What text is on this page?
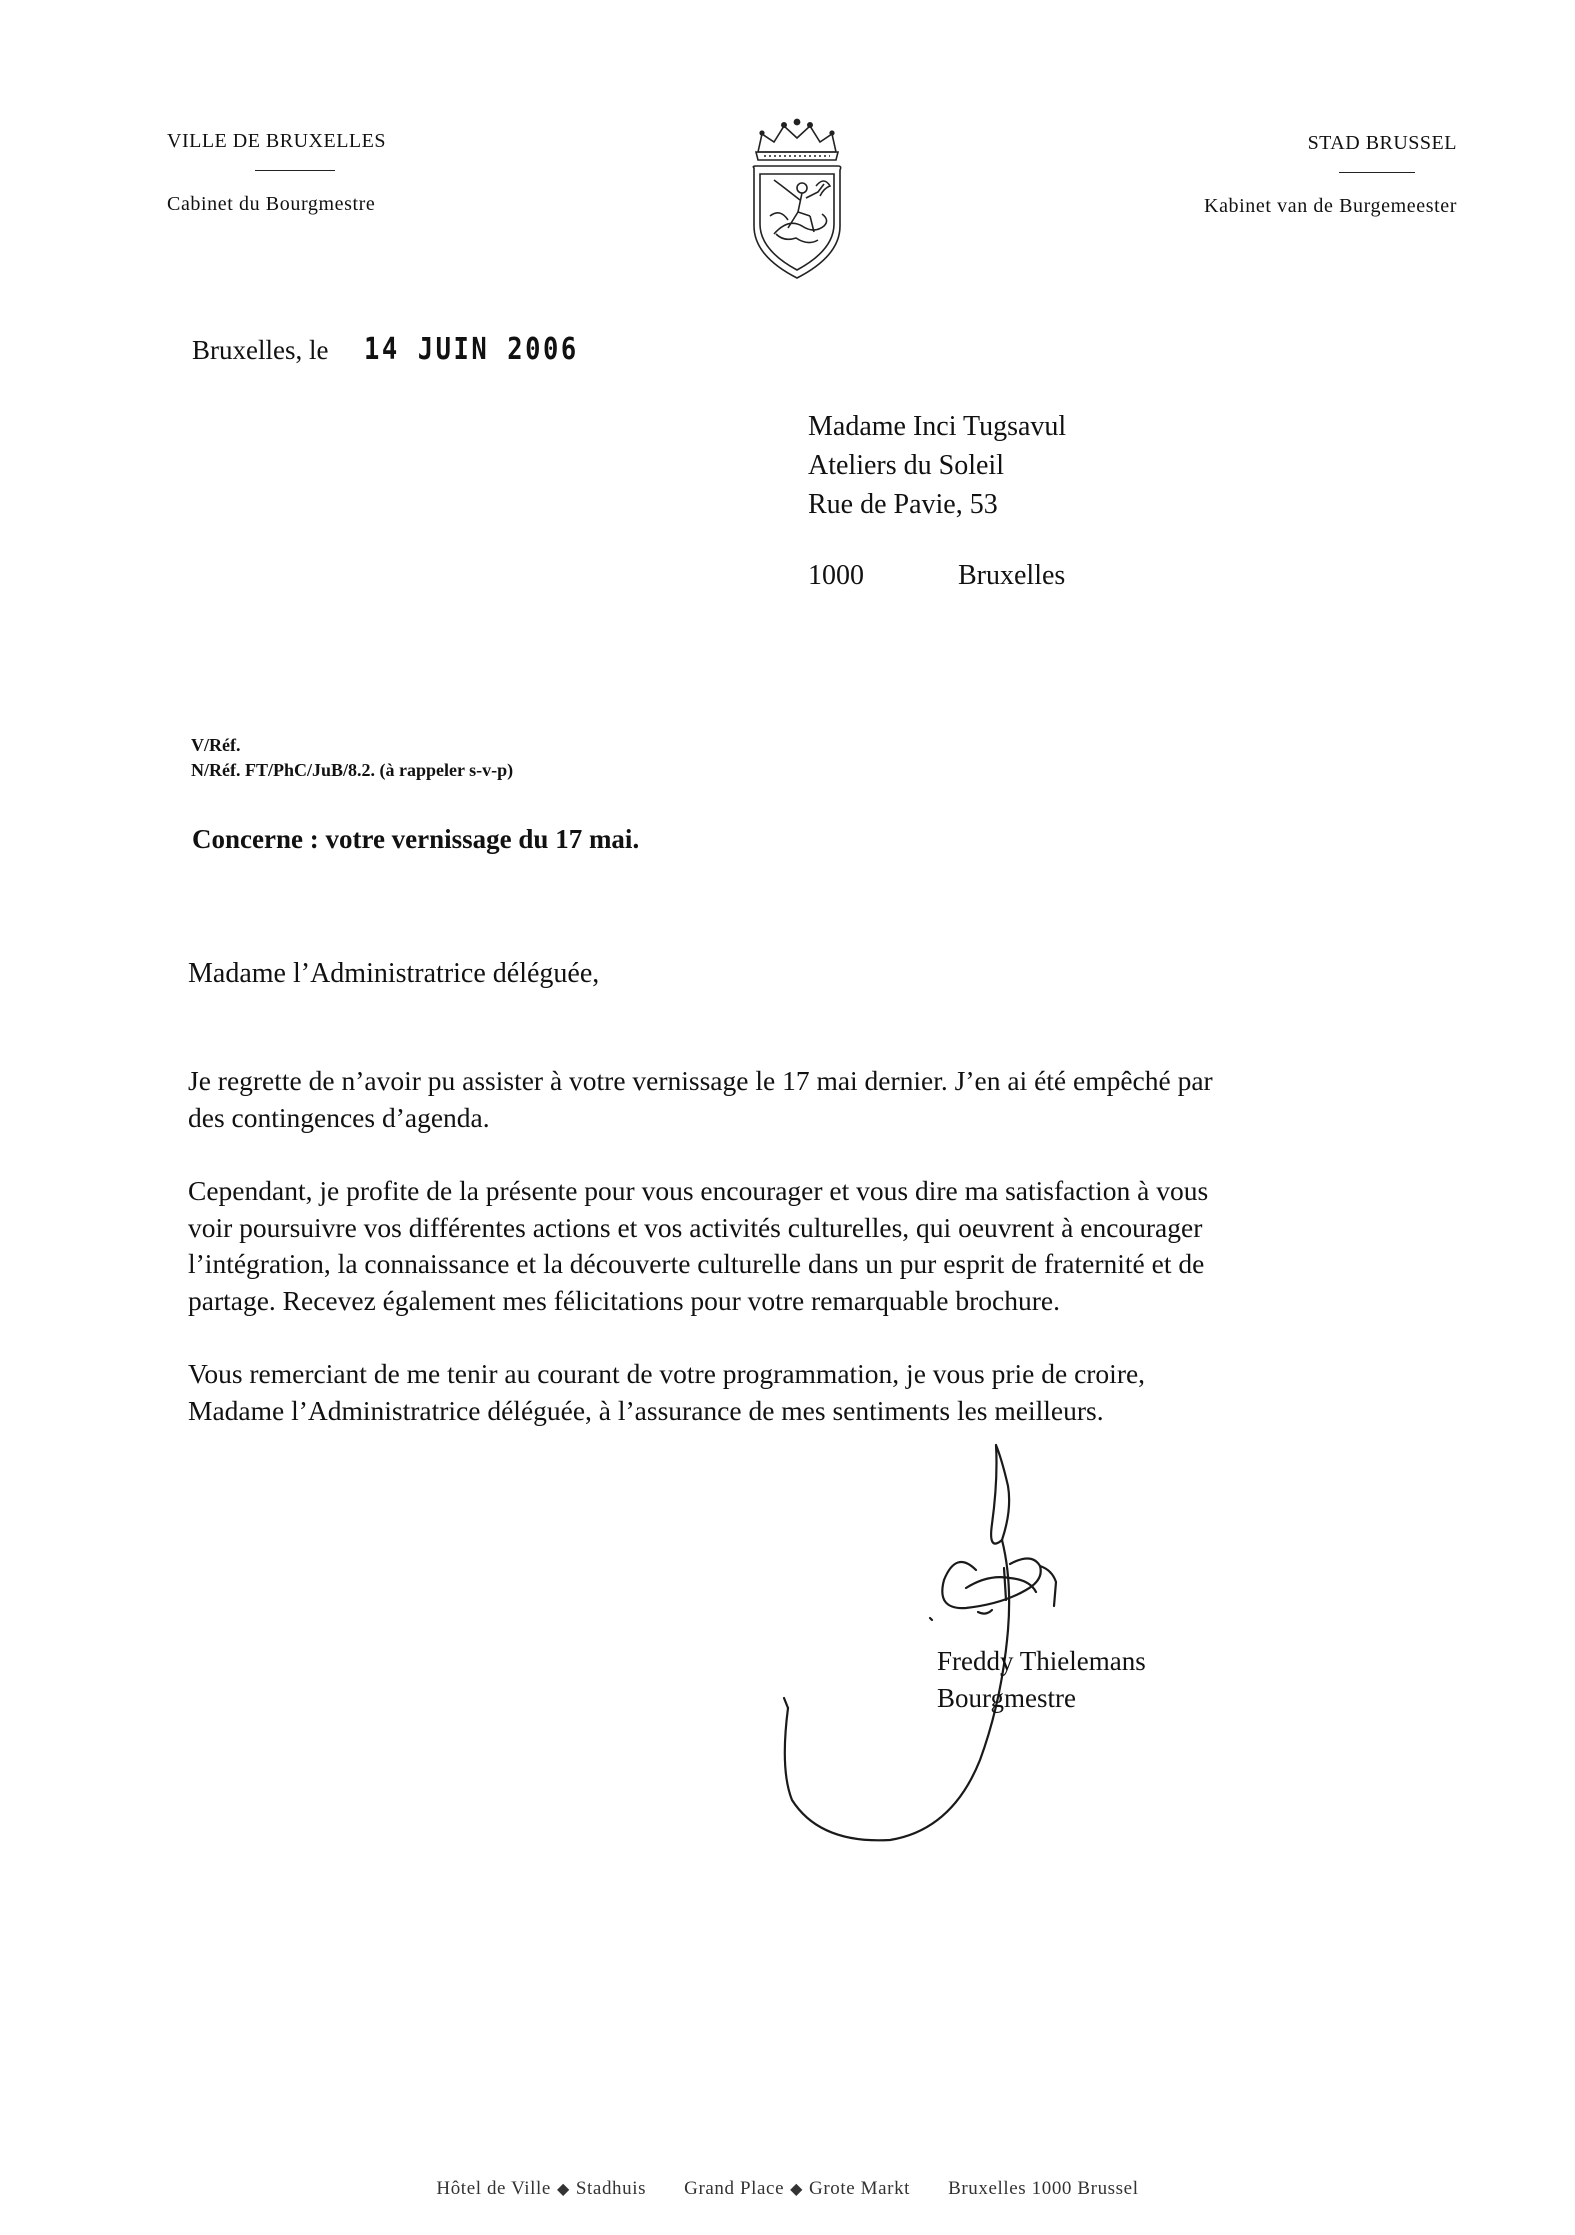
VILLE DE BRUXELLES
Cabinet du Bourgmestre
STAD BRUSSEL
Kabinet van de Burgemeester
Bruxelles, le 14 JUIN 2006
Madame Inci Tugsavul
Ateliers du Soleil
Rue de Pavie, 53
1000	Bruxelles
V/Réf.
N/Réf. FT/PhC/JuB/8.2. (à rappeler s-v-p)
Concerne : votre vernissage du 17 mai.
Madame l’Administratrice déléguée,

Je regrette de n’avoir pu assister à votre vernissage le 17 mai dernier. J’en ai été empêché par
des contingences d’agenda.

Cependant, je profite de la présente pour vous encourager et vous dire ma satisfaction à vous
voir poursuivre vos différentes actions et vos activités culturelles, qui oeuvrent à encourager
l’intégration, la connaissance et la découverte culturelle dans un pur esprit de fraternité et de
partage. Recevez également mes félicitations pour votre remarquable brochure.

Vous remerciant de me tenir au courant de votre programmation, je vous prie de croire,
Madame l’Administratrice déléguée, à l’assurance de mes sentiments les meilleurs.

Freddy Thielemans
Bourgmestre
Hôtel de Ville ◆ Stadhuis Grand Place ◆ Grote Markt Bruxelles 1000 Brussel
